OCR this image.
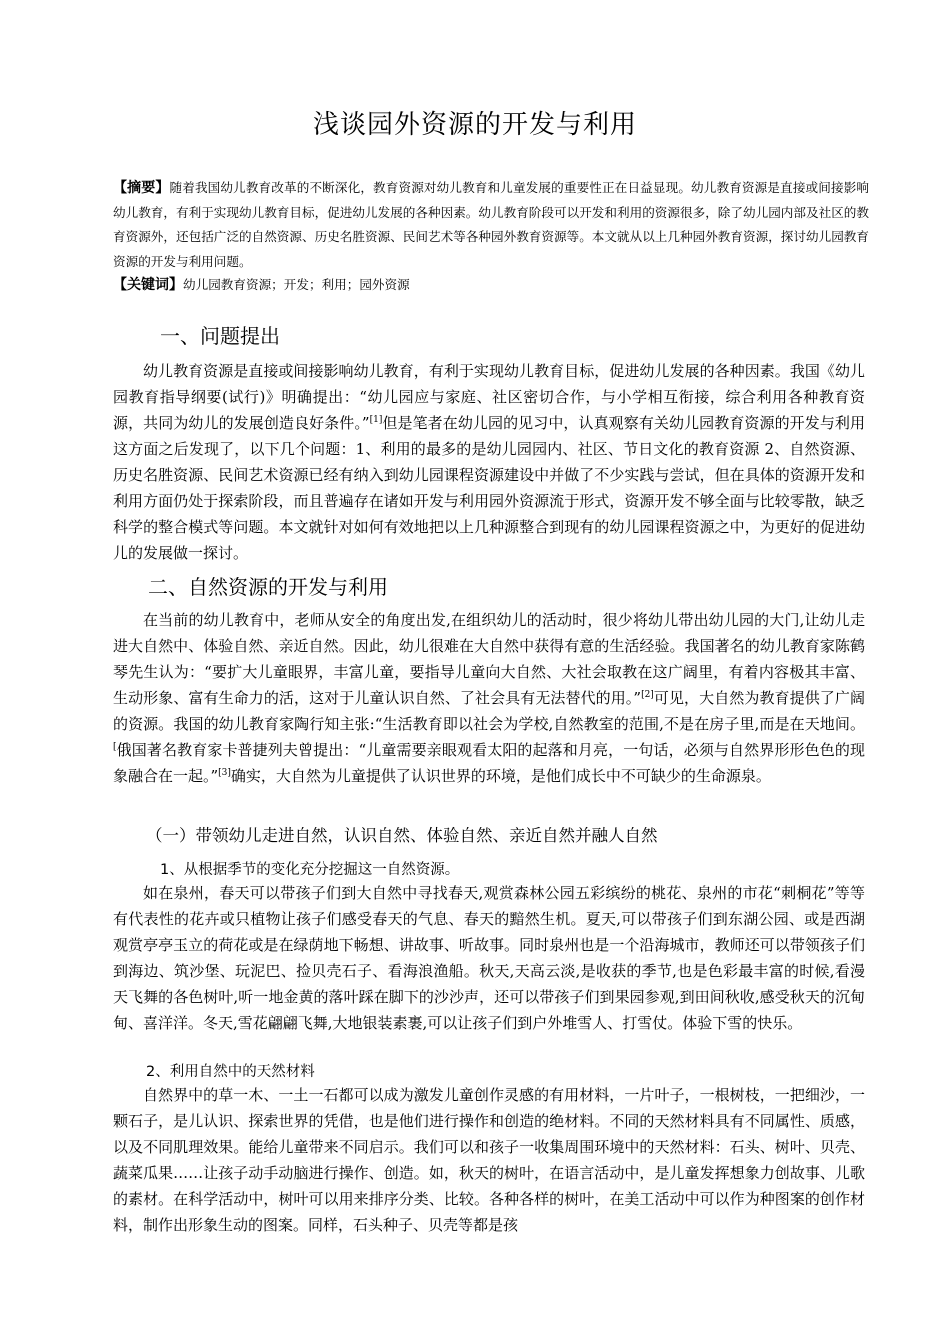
浅谈园外资源的开发与利用
【摘要】随着我国幼儿教育改革的不断深化，教育资源对幼儿教育和儿童发展的重要性正在日益显现。幼儿教育资源是直接或间接影响幼儿教育，有利于实现幼儿教育目标，促进幼儿发展的各种因素。幼儿教育阶段可以开发和利用的资源很多，除了幼儿园内部及社区的教育资源外，还包括广泛的自然资源、历史名胜资源、民间艺术等各种园外教育资源等。本文就从以上几种园外教育资源，探讨幼儿园教育资源的开发与利用问题。
【关键词】幼儿园教育资源；开发；利用；园外资源
一、问题提出
幼儿教育资源是直接或间接影响幼儿教育，有利于实现幼儿教育目标，促进幼儿发展的各种因素。我国《幼儿园教育指导纲要(试行)》明确提出：“幼儿园应与家庭、社区密切合作，与小学相互衔接，综合利用各种教育资源，共同为幼儿的发展创造良好条件。”[1]但是笔者在幼儿园的见习中，认真观察有关幼儿园教育资源的开发与利用这方面之后发现了，以下几个问题：1、利用的最多的是幼儿园园内、社区、节日文化的教育资源 2、自然资源、历史名胜资源、民间艺术资源已经有纳入到幼儿园课程资源建设中并做了不少实践与尝试，但在具体的资源开发和利用方面仍处于探索阶段，而且普遍存在诸如开发与利用园外资源流于形式，资源开发不够全面与比较零散，缺乏科学的整合模式等问题。本文就针对如何有效地把以上几种源整合到现有的幼儿园课程资源之中，为更好的促进幼儿的发展做一探讨。
二、自然资源的开发与利用
在当前的幼儿教育中，老师从安全的角度出发,在组织幼儿的活动时，很少将幼儿带出幼儿园的大门,让幼儿走进大自然中、体验自然、亲近自然。因此，幼儿很难在大自然中获得有意的生活经验。我国著名的幼儿教育家陈鹤琴先生认为：“要扩大儿童眼界，丰富儿童，要指导儿童向大自然、大社会取教在这广阔里，有着内容极其丰富、生动形象、富有生命力的活，这对于儿童认识自然、了社会具有无法替代的用。”[2]可见，大自然为教育提供了广阔的资源。我国的幼儿教育家陶行知主张:“生活教育即以社会为学校,自然教室的范围,不是在房子里,而是在天地间。[俄国著名教育家卡普捷列夫曾提出：“儿童需要亲眼观看太阳的起落和月亮，一句话，必须与自然界形形色色的现象融合在一起。”[3]确实，大自然为儿童提供了认识世界的环境，是他们成长中不可缺少的生命源泉。
（一）带领幼儿走进自然，认识自然、体验自然、亲近自然并融人自然
1、从根据季节的变化充分挖掘这一自然资源。
如在泉州，春天可以带孩子们到大自然中寻找春天,观赏森林公园五彩缤纷的桃花、泉州的市花“刺桐花”等等有代表性的花卉或只植物让孩子们感受春天的气息、春天的黯然生机。夏天,可以带孩子们到东湖公园、或是西湖观赏亭亭玉立的荷花或是在绿荫地下畅想、讲故事、听故事。同时泉州也是一个沿海城市，教师还可以带领孩子们到海边、筑沙堡、玩泥巴、捡贝壳石子、看海浪渔船。秋天,天高云淡,是收获的季节,也是色彩最丰富的时候,看漫天飞舞的各色树叶,听一地金黄的落叶踩在脚下的沙沙声，还可以带孩子们到果园参观,到田间秋收,感受秋天的沉甸甸、喜洋洋。冬天,雪花翩翩飞舞,大地银装素裹,可以让孩子们到户外堆雪人、打雪仗。体验下雪的快乐。
2、利用自然中的天然材料
自然界中的草一木、一土一石都可以成为激发儿童创作灵感的有用材料，一片叶子，一根树枝，一把细沙，一颗石子，是儿认识、探索世界的凭借，也是他们进行操作和创造的绝材料。不同的天然材料具有不同属性、质感，以及不同肌理效果。能给儿童带来不同启示。我们可以和孩子一收集周围环境中的天然材料：石头、树叶、贝壳、蔬菜瓜果……让孩子动手动脑进行操作、创造。如，秋天的树叶，在语言活动中，是儿童发挥想象力创故事、儿歌的素材。在科学活动中，树叶可以用来排序分类、比较。各种各样的树叶，在美工活动中可以作为种图案的创作材料，制作出形象生动的图案。同样，石头种子、贝壳等都是孩
